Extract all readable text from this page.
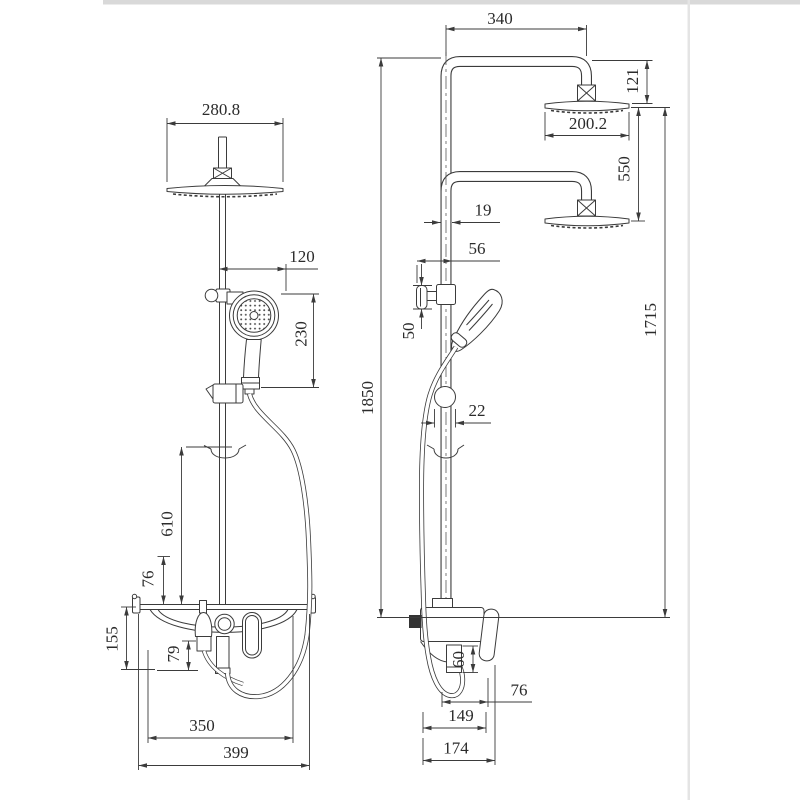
280.8
120
230
1850
610
76
155
79
350
399
340
121
200.2
550
1715
19
56
50
22
60
76
149
174
